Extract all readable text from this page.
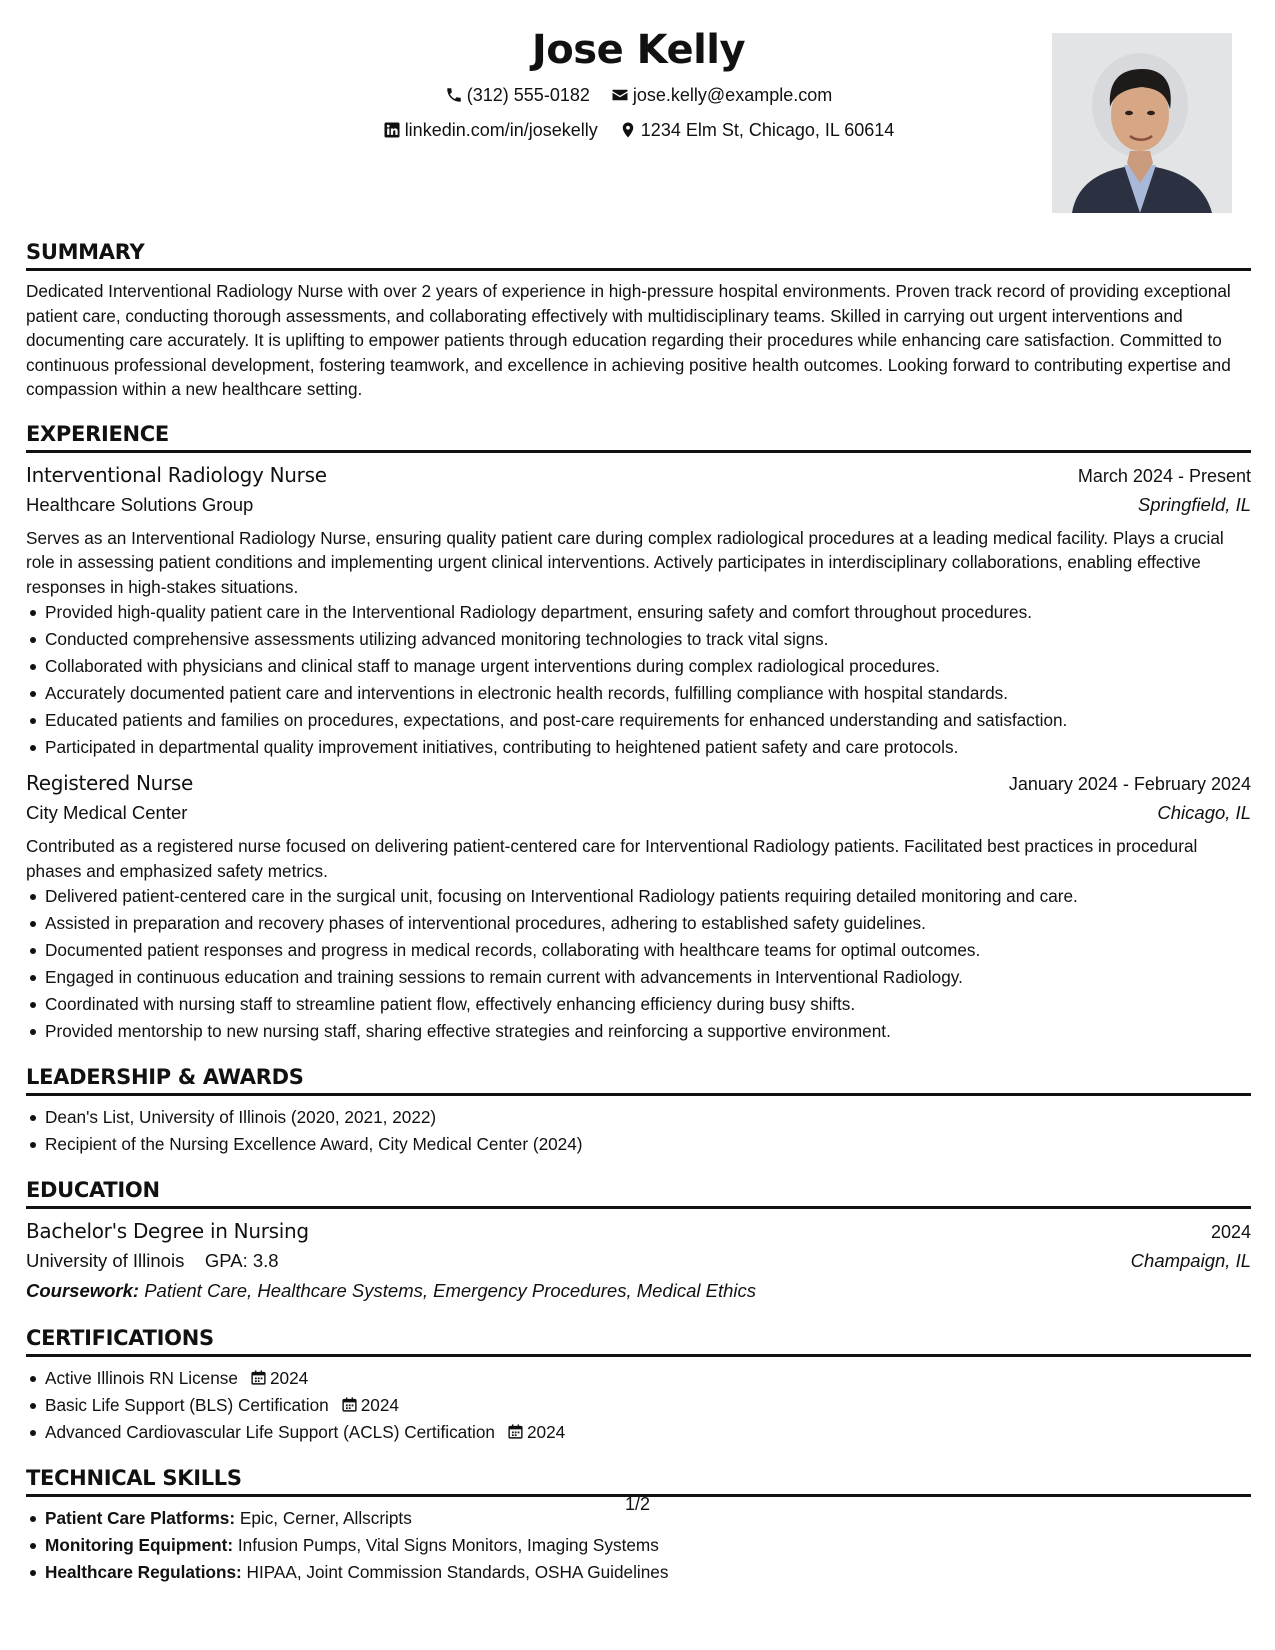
Jose Kelly
(312) 555-0182
jose.kelly@example.com
linkedin.com/in/josekelly
1234 Elm St, Chicago, IL 60614
SUMMARY

Dedicated Interventional Radiology Nurse with over 2 years of experience in high-pressure hospital environments. Proven track record of providing exceptional patient care, conducting thorough assessments, and collaborating effectively with multidisciplinary teams. Skilled in carrying out urgent interventions and documenting care accurately. It is uplifting to empower patients through education regarding their procedures while enhancing care satisfaction. Committed to continuous professional development, fostering teamwork, and excellence in achieving positive health outcomes. Looking forward to contributing expertise and compassion within a new healthcare setting.

EXPERIENCE
Interventional Radiology Nurse	March 2024 - Present
Healthcare Solutions Group	Springfield, IL

Serves as an Interventional Radiology Nurse, ensuring quality patient care during complex radiological procedures at a leading medical facility. Plays a crucial role in assessing patient conditions and implementing urgent clinical interventions. Actively participates in interdisciplinary collaborations, enabling effective responses in high-stakes situations.

Provided high-quality patient care in the Interventional Radiology department, ensuring safety and comfort throughout procedures.
Conducted comprehensive assessments utilizing advanced monitoring technologies to track vital signs.
Collaborated with physicians and clinical staff to manage urgent interventions during complex radiological procedures.
Accurately documented patient care and interventions in electronic health records, fulfilling compliance with hospital standards.
Educated patients and families on procedures, expectations, and post-care requirements for enhanced understanding and satisfaction.
Participated in departmental quality improvement initiatives, contributing to heightened patient safety and care protocols.
Registered Nurse	January 2024 - February 2024
City Medical Center	Chicago, IL

Contributed as a registered nurse focused on delivering patient-centered care for Interventional Radiology patients. Facilitated best practices in procedural phases and emphasized safety metrics.

Delivered patient-centered care in the surgical unit, focusing on Interventional Radiology patients requiring detailed monitoring and care.
Assisted in preparation and recovery phases of interventional procedures, adhering to established safety guidelines.
Documented patient responses and progress in medical records, collaborating with healthcare teams for optimal outcomes.
Engaged in continuous education and training sessions to remain current with advancements in Interventional Radiology.
Coordinated with nursing staff to streamline patient flow, effectively enhancing efficiency during busy shifts.
Provided mentorship to new nursing staff, sharing effective strategies and reinforcing a supportive environment.
LEADERSHIP & AWARDS
Dean's List, University of Illinois (2020, 2021, 2022)
Recipient of the Nursing Excellence Award, City Medical Center (2024)
EDUCATION
Bachelor's Degree in Nursing	2024
University of Illinois GPA: 3.8	Champaign, IL
Coursework: Patient Care, Healthcare Systems, Emergency Procedures, Medical Ethics
CERTIFICATIONS
Active Illinois RN License 2024
Basic Life Support (BLS) Certification 2024
Advanced Cardiovascular Life Support (ACLS) Certification 2024
TECHNICAL SKILLS
Patient Care Platforms: Epic, Cerner, Allscripts
Monitoring Equipment: Infusion Pumps, Vital Signs Monitors, Imaging Systems
Healthcare Regulations: HIPAA, Joint Commission Standards, OSHA Guidelines
1/2
